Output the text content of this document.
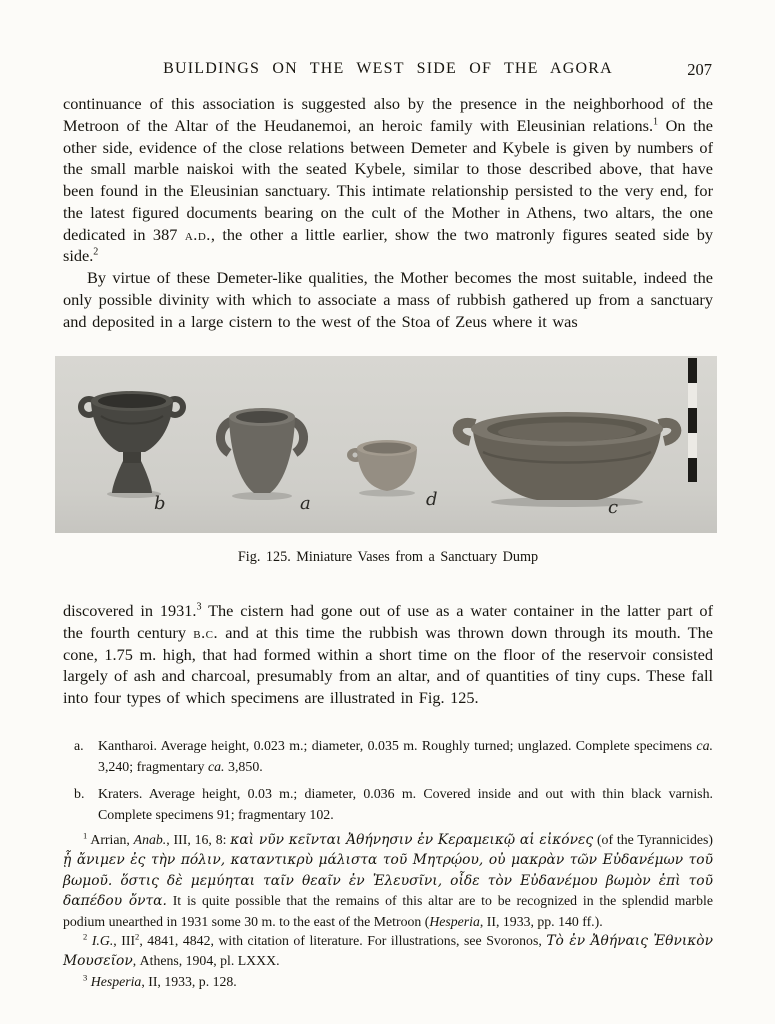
BUILDINGS ON THE WEST SIDE OF THE AGORA	207

continuance of this association is suggested also by the presence in the neighborhood of the Metroon of the Altar of the Heudanemoi, an heroic family with Eleusinian relations.$^1$ On the other side, evidence of the close relations between Demeter and Kybele is given by numbers of the small marble naiskoi with the seated Kybele, similar to those described above, that have been found in the Eleusinian sanctuary. This intimate relationship persisted to the very end, for the latest figured documents bearing on the cult of the Mother in Athens, two altars, the one dedicated in 387 a.d., the other a little earlier, show the two matronly figures seated side by side.$^2$

By virtue of these Demeter-like qualities, the Mother becomes the most suitable, indeed the only possible divinity with which to associate a mass of rubbish gathered up from a sanctuary and deposited in a large cistern to the west of the Stoa of Zeus where it was

b	a	d	c
Fig. 125. Miniature Vases from a Sanctuary Dump

discovered in 1931.$^3$ The cistern had gone out of use as a water container in the latter part of the fourth century b.c. and at this time the rubbish was thrown down through its mouth. The cone, 1.75 m. high, that had formed within a short time on the floor of the reservoir consisted largely of ash and charcoal, presumably from an altar, and of quantities of tiny cups. These fall into four types of which specimens are illustrated in Fig. 125.

a. Kantharoi. Average height, 0.023 m.; diameter, 0.035 m. Roughly turned; unglazed. Complete specimens ca. 3,240; fragmentary ca. 3,850.
b. Kraters. Average height, 0.03 m.; diameter, 0.036 m. Covered inside and out with thin black varnish. Complete specimens 91; fragmentary 102.

$^1$ Arrian, Anab., III, 16, 8: καὶ νῦν κεῖνται Ἀθήνησιν ἐν Κεραμεικῷ αἱ εἰκόνες (of the Tyrannicides) ᾗ ἄνιμεν ἐς τὴν πόλιν, καταντικρὺ μάλιστα τοῦ Μητρῴου, οὐ μακρὰν τῶν Εὐδανέμων τοῦ βωμοῦ. ὅστις δὲ μεμύηται ταῖν θεαῖν ἐν Ἐλευσῖνι, οἶδε τὸν Εὐδανέμου βωμὸν ἐπὶ τοῦ δαπέδου ὄντα. It is quite possible that the remains of this altar are to be recognized in the splendid marble podium unearthed in 1931 some 30 m. to the east of the Metroon (Hesperia, II, 1933, pp. 140 ff.).

$^2$ I.G., III$^2$, 4841, 4842, with citation of literature. For illustrations, see Svoronos, Τὸ ἐν Ἀθήναις Ἐθνικὸν Μουσεῖον, Athens, 1904, pl. LXXX.

$^3$ Hesperia, II, 1933, p. 128.
